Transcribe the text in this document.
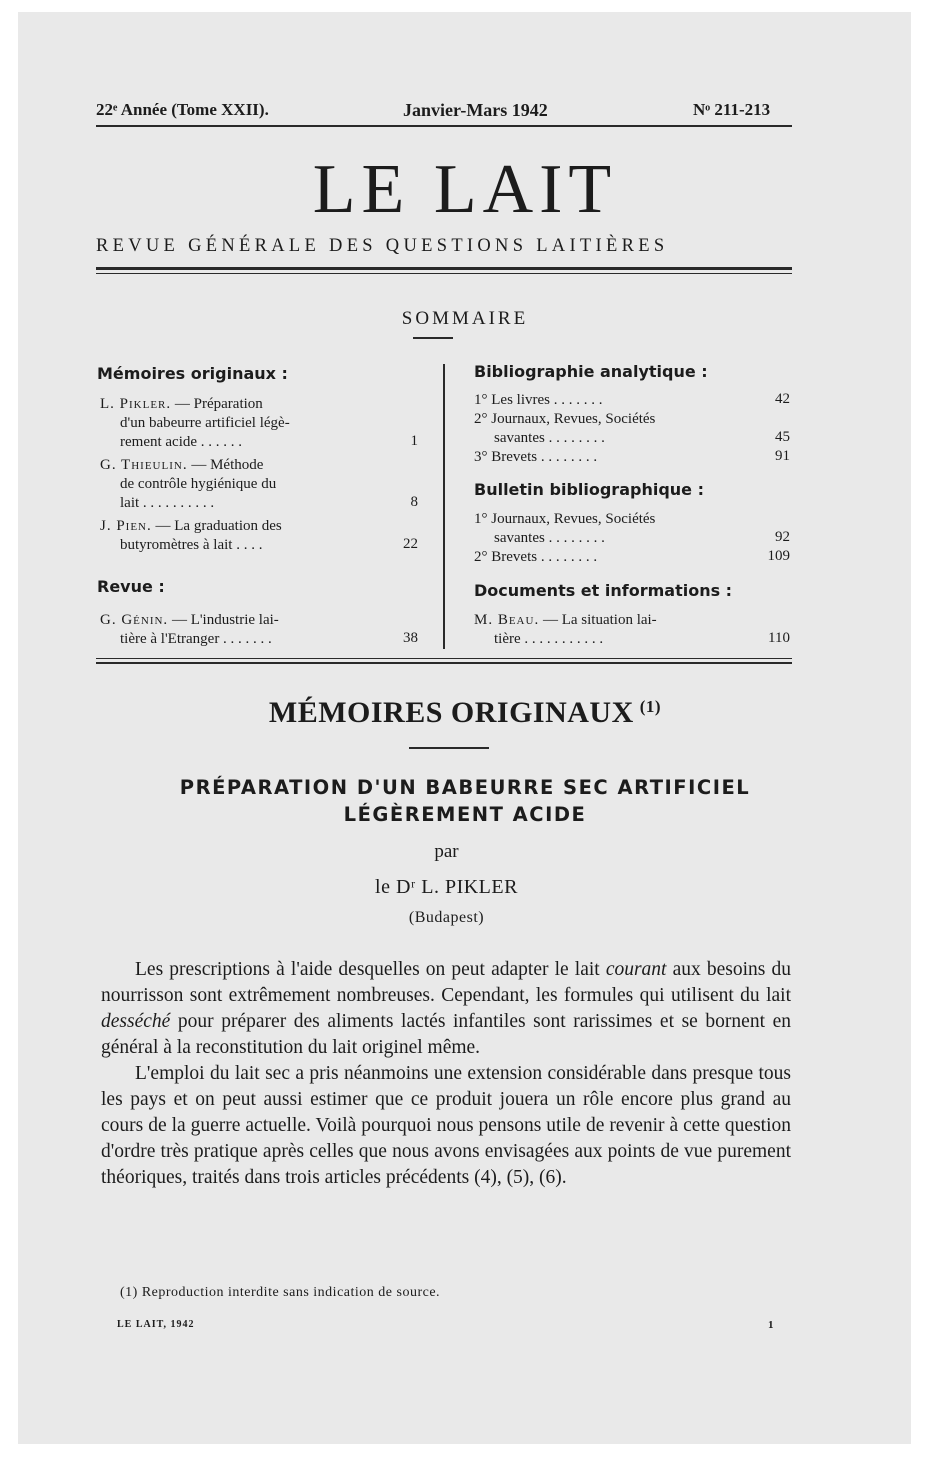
22ᵉ Année (Tome XXII).	Janvier-Mars 1942	Nᵒ 211-213
LE LAIT
REVUE GÉNÉRALE DES QUESTIONS LAITIÈRES
SOMMAIRE
Mémoires originaux :
L. Pikler. — Préparation
d'un babeurre artificiel légè-
rement acide . . . . . .	1
G. Thieulin. — Méthode
de contrôle hygiénique du
lait . . . . . . . . . .	8
J. Pien. — La graduation des
butyromètres à lait . . . .	22
Revue :
G. Génin. — L'industrie lai-
tière à l'Etranger . . . . . . .	38
Bibliographie analytique :
1° Les livres . . . . . . .	42
2° Journaux, Revues, Sociétés
savantes . . . . . . . .	45
3° Brevets . . . . . . . .	91
Bulletin bibliographique :
1° Journaux, Revues, Sociétés
savantes . . . . . . . .	92
2° Brevets . . . . . . . .	109
Documents et informations :
M. Beau. — La situation lai-
tière . . . . . . . . . . .	110
MÉMOIRES ORIGINAUX $^{(1)}$
PRÉPARATION D'UN BABEURRE SEC ARTIFICIEL
LÉGÈREMENT ACIDE
par
le Dʳ L. PIKLER
(Budapest)

Les prescriptions à l'aide desquelles on peut adapter le lait courant aux besoins du nourrisson sont extrêmement nombreuses. Cependant, les formules qui utilisent du lait desséché pour préparer des aliments lactés infantiles sont rarissimes et se bornent en général à la reconstitution du lait originel même.

L'emploi du lait sec a pris néanmoins une extension considérable dans presque tous les pays et on peut aussi estimer que ce produit jouera un rôle encore plus grand au cours de la guerre actuelle. Voilà pourquoi nous pensons utile de revenir à cette question d'ordre très pratique après celles que nous avons envisagées aux points de vue purement théoriques, traités dans trois articles précédents (4), (5), (6).

(1) Reproduction interdite sans indication de source.
LE LAIT, 1942	1
